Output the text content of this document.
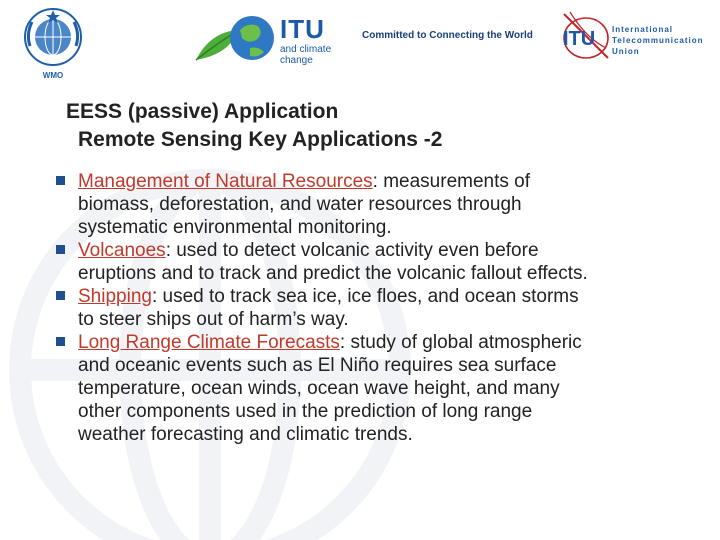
WMO
ITU
and climate change
Committed to Connecting the World ITU International Telecommunication Union
EESS (passive) Application
Remote Sensing Key Applications -2
Management of Natural Resources: measurements of biomass, deforestation, and water resources through systematic environmental monitoring.
Volcanoes: used to detect volcanic activity even before eruptions and to track and predict the volcanic fallout effects.
Shipping: used to track sea ice, ice floes, and ocean storms to steer ships out of harm’s way.
Long Range Climate Forecasts: study of global atmospheric and oceanic events such as El Niño requires sea surface temperature, ocean winds, ocean wave height, and many other components used in the prediction of long range weather forecasting and climatic trends.
